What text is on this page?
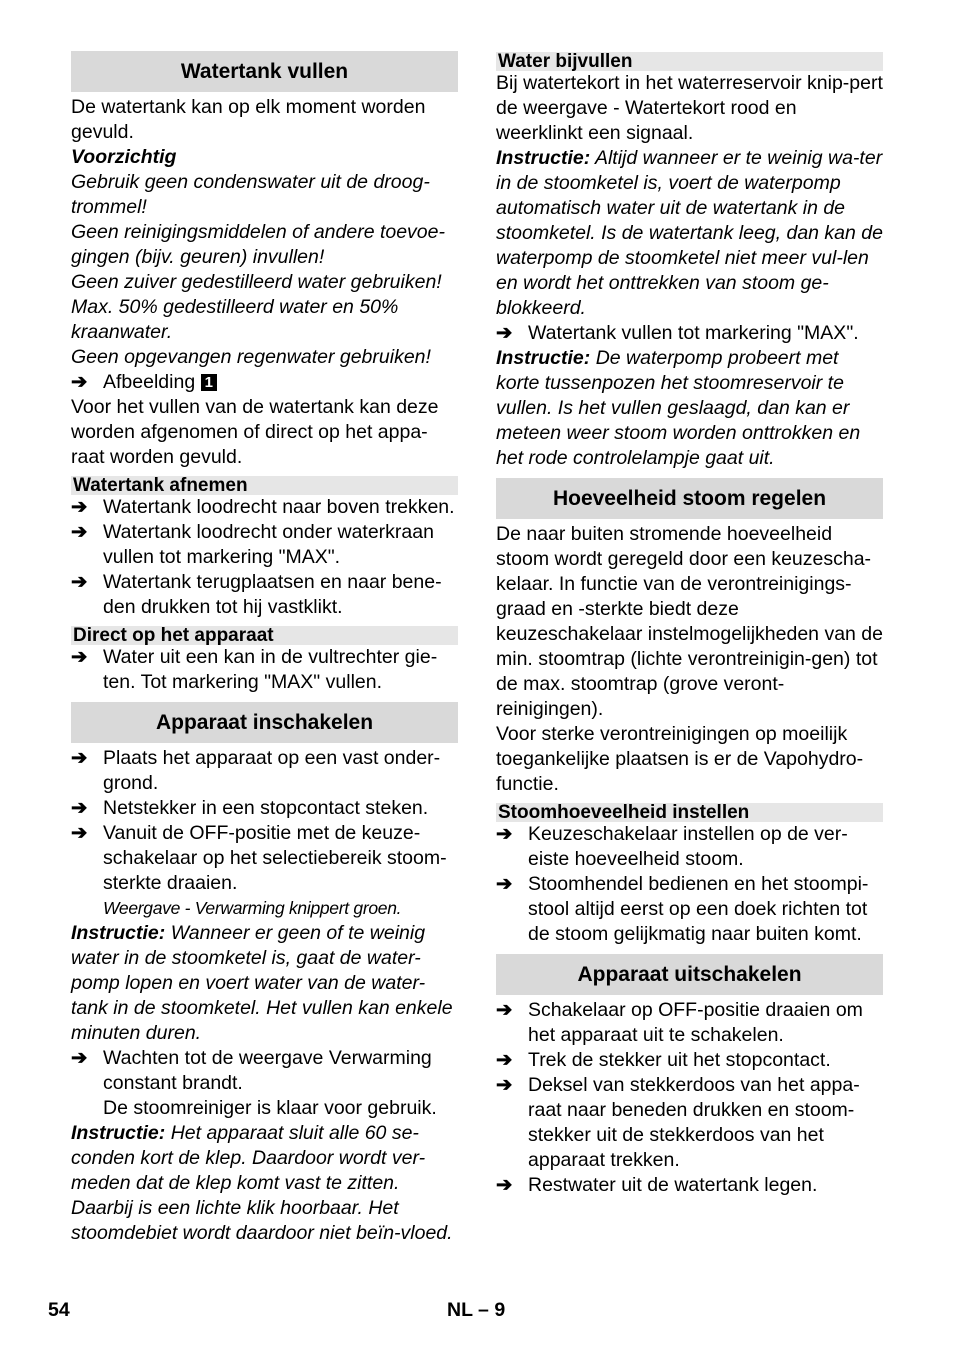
Watertank vullen

De watertank kan op elk moment worden gevuld.

Voorzichtig

Gebruik geen condenswater uit de droog-trommel!

Geen reinigingsmiddelen of andere toevoe-gingen (bijv. geuren) invullen!

Geen zuiver gedestilleerd water gebruiken! Max. 50% gedestilleerd water en 50% kraanwater.

Geen opgevangen regenwater gebruiken!

➔ Afbeelding 1

Voor het vullen van de watertank kan deze worden afgenomen of direct op het appa-raat worden gevuld.

Watertank afnemen
➔ Watertank loodrecht naar boven trekken.
➔ Watertank loodrecht onder waterkraan vullen tot markering "MAX".
➔ Watertank terugplaatsen en naar bene-den drukken tot hij vastklikt.
Direct op het apparaat
➔ Water uit een kan in de vultrechter gie-ten. Tot markering "MAX" vullen.
Apparaat inschakelen
➔ Plaats het apparaat op een vast onder-grond.
➔ Netstekker in een stopcontact steken.
➔ Vanuit de OFF-positie met de keuze-schakelaar op het selectiebereik stoom-sterkte draaien.

Weergave - Verwarming knippert groen.

Instructie: Wanneer er geen of te weinig water in de stoomketel is, gaat de water-pomp lopen en voert water van de water-tank in de stoomketel. Het vullen kan enkele minuten duren.

➔ Wachten tot de weergave Verwarming constant brandt.

De stoomreiniger is klaar voor gebruik.

Instructie: Het apparaat sluit alle 60 se-conden kort de klep. Daardoor wordt ver-meden dat de klep komt vast te zitten. Daarbij is een lichte klik hoorbaar. Het stoomdebiet wordt daardoor niet beïn-vloed.

Water bijvullen

Bij watertekort in het waterreservoir knip-pert de weergave - Watertekort rood en weerklinkt een signaal.

Instructie: Altijd wanneer er te weinig wa-ter in de stoomketel is, voert de waterpomp automatisch water uit de watertank in de stoomketel. Is de watertank leeg, dan kan de waterpomp de stoomketel niet meer vul-len en wordt het onttrekken van stoom ge-blokkeerd.

➔ Watertank vullen tot markering "MAX".

Instructie: De waterpomp probeert met korte tussenpozen het stoomreservoir te vullen. Is het vullen geslaagd, dan kan er meteen weer stoom worden onttrokken en het rode controlelampje gaat uit.

Hoeveelheid stoom regelen

De naar buiten stromende hoeveelheid stoom wordt geregeld door een keuzescha-kelaar. In functie van de verontreinigings-graad en -sterkte biedt deze keuzeschakelaar instelmogelijkheden van de min. stoomtrap (lichte verontreinigin-gen) tot de max. stoomtrap (grove veront-reinigingen).

Voor sterke verontreinigingen op moeilijk toegankelijke plaatsen is er de Vapohydro-functie.

Stoomhoeveelheid instellen
➔ Keuzeschakelaar instellen op de ver-eiste hoeveelheid stoom.
➔ Stoomhendel bedienen en het stoompi-stool altijd eerst op een doek richten tot de stoom gelijkmatig naar buiten komt.
Apparaat uitschakelen
➔ Schakelaar op OFF-positie draaien om het apparaat uit te schakelen.
➔ Trek de stekker uit het stopcontact.
➔ Deksel van stekkerdoos van het appa-raat naar beneden drukken en stoom-stekker uit de stekkerdoos van het apparaat trekken.
➔ Restwater uit de watertank legen.
54	NL – 9
